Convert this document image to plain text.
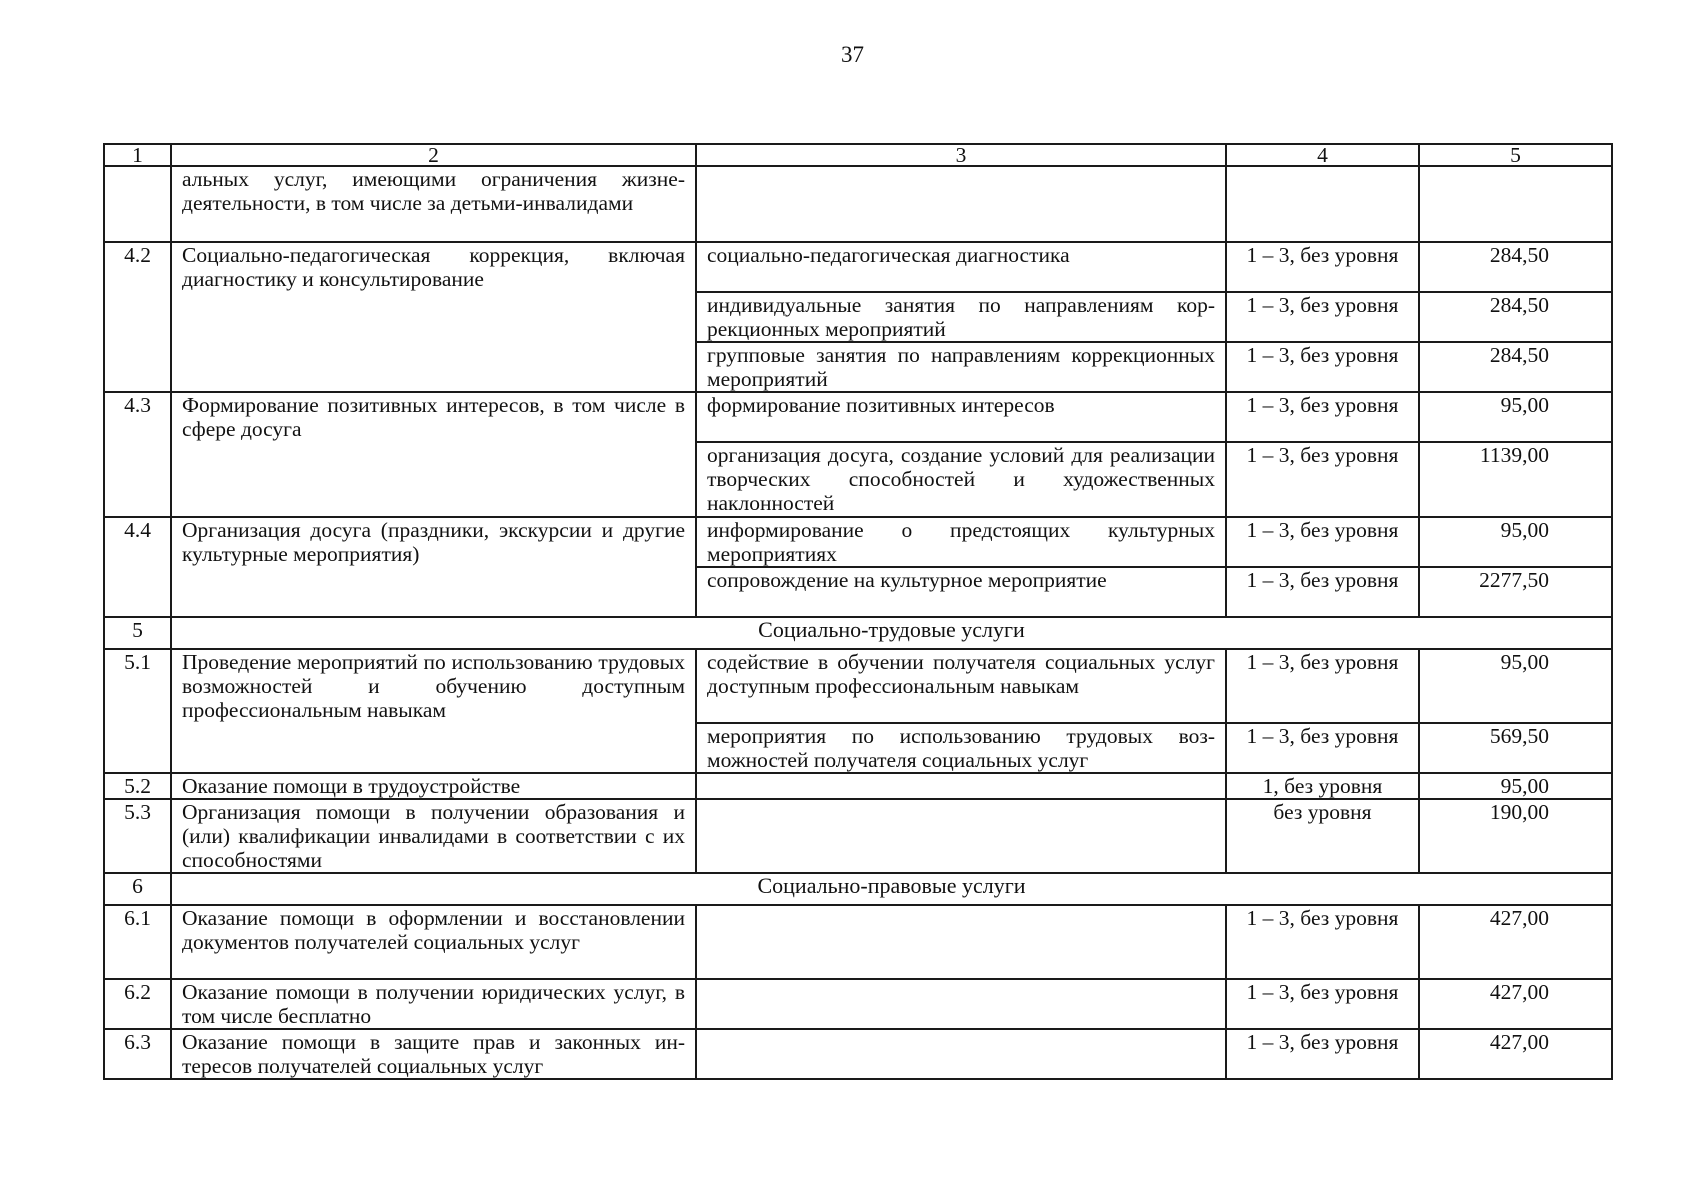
37
1	2	3	4	5
	альных услуг, имеющими ограничения жизнедеятельности, в том числе за детьми-инвалидами			
4.2	Социально-педагогическая коррекция, включая диагностику и консультирование	социально-педагогическая диагностика	1 – 3, без уровня	284,50
		индивидуальные занятия по направлениям коррекционных мероприятий	1 – 3, без уровня	284,50
		групповые занятия по направлениям коррекционных мероприятий	1 – 3, без уровня	284,50
4.3	Формирование позитивных интересов, в том числе в сфере досуга	формирование позитивных интересов	1 – 3, без уровня	95,00
		организация досуга, создание условий для реализации творческих способностей и художественных наклонностей	1 – 3, без уровня	1139,00
4.4	Организация досуга (праздники, экскурсии и другие культурные мероприятия)	информирование о предстоящих культурных мероприятиях	1 – 3, без уровня	95,00
		сопровождение на культурное мероприятие	1 – 3, без уровня	2277,50
5	Социально-трудовые услуги			
5.1	Проведение мероприятий по использованию трудовых возможностей и обучению доступным профессиональным навыкам	содействие в обучении получателя социальных услуг доступным профессиональным навыкам	1 – 3, без уровня	95,00
		мероприятия по использованию трудовых возможностей получателя социальных услуг	1 – 3, без уровня	569,50
5.2	Оказание помощи в трудоустройстве		1, без уровня	95,00
5.3	Организация помощи в получении образования и (или) квалификации инвалидами в соответствии с их способностями		без уровня	190,00
6	Социально-правовые услуги			
6.1	Оказание помощи в оформлении и восстановлении документов получателей социальных услуг		1 – 3, без уровня	427,00
6.2	Оказание помощи в получении юридических услуг, в том числе бесплатно		1 – 3, без уровня	427,00
6.3	Оказание помощи в защите прав и законных интересов получателей социальных услуг		1 – 3, без уровня	427,00
